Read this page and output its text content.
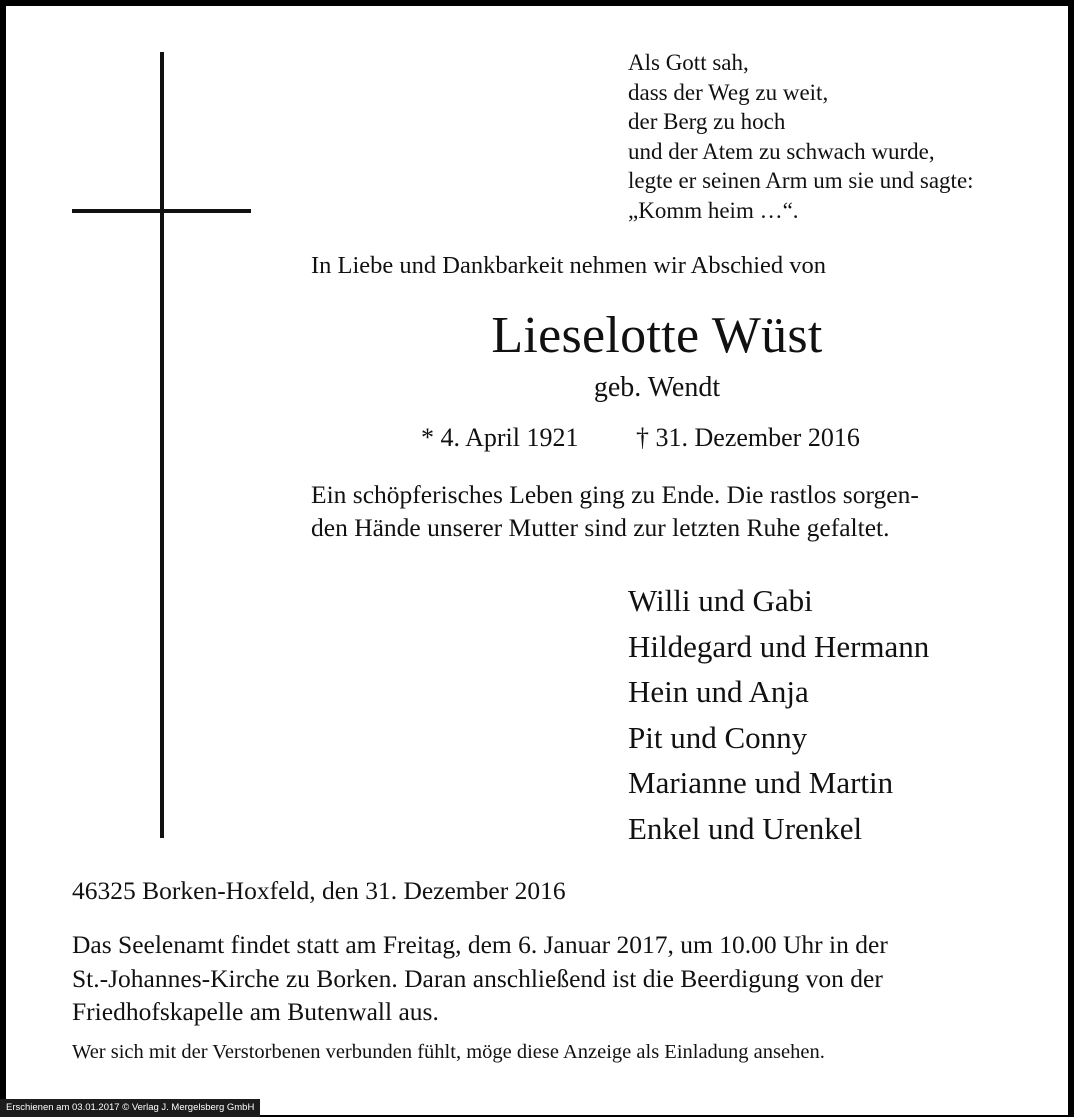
Als Gott sah,
dass der Weg zu weit,
der Berg zu hoch
und der Atem zu schwach wurde,
legte er seinen Arm um sie und sagte:
„Komm heim …“.
In Liebe und Dankbarkeit nehmen wir Abschied von
Lieselotte Wüst
geb. Wendt
* 4. April 1921 † 31. Dezember 2016
Ein schöpferisches Leben ging zu Ende. Die rastlos sorgen-
den Hände unserer Mutter sind zur letzten Ruhe gefaltet.
Willi und Gabi
Hildegard und Hermann
Hein und Anja
Pit und Conny
Marianne und Martin
Enkel und Urenkel
46325 Borken-Hoxfeld, den 31. Dezember 2016
Das Seelenamt findet statt am Freitag, dem 6. Januar 2017, um 10.00 Uhr in der
St.-Johannes-Kirche zu Borken. Daran anschließend ist die Beerdigung von der
Friedhofskapelle am Butenwall aus.
Wer sich mit der Verstorbenen verbunden fühlt, möge diese Anzeige als Einladung ansehen.
Erschienen am 03.01.2017 © Verlag J. Mergelsberg GmbH
